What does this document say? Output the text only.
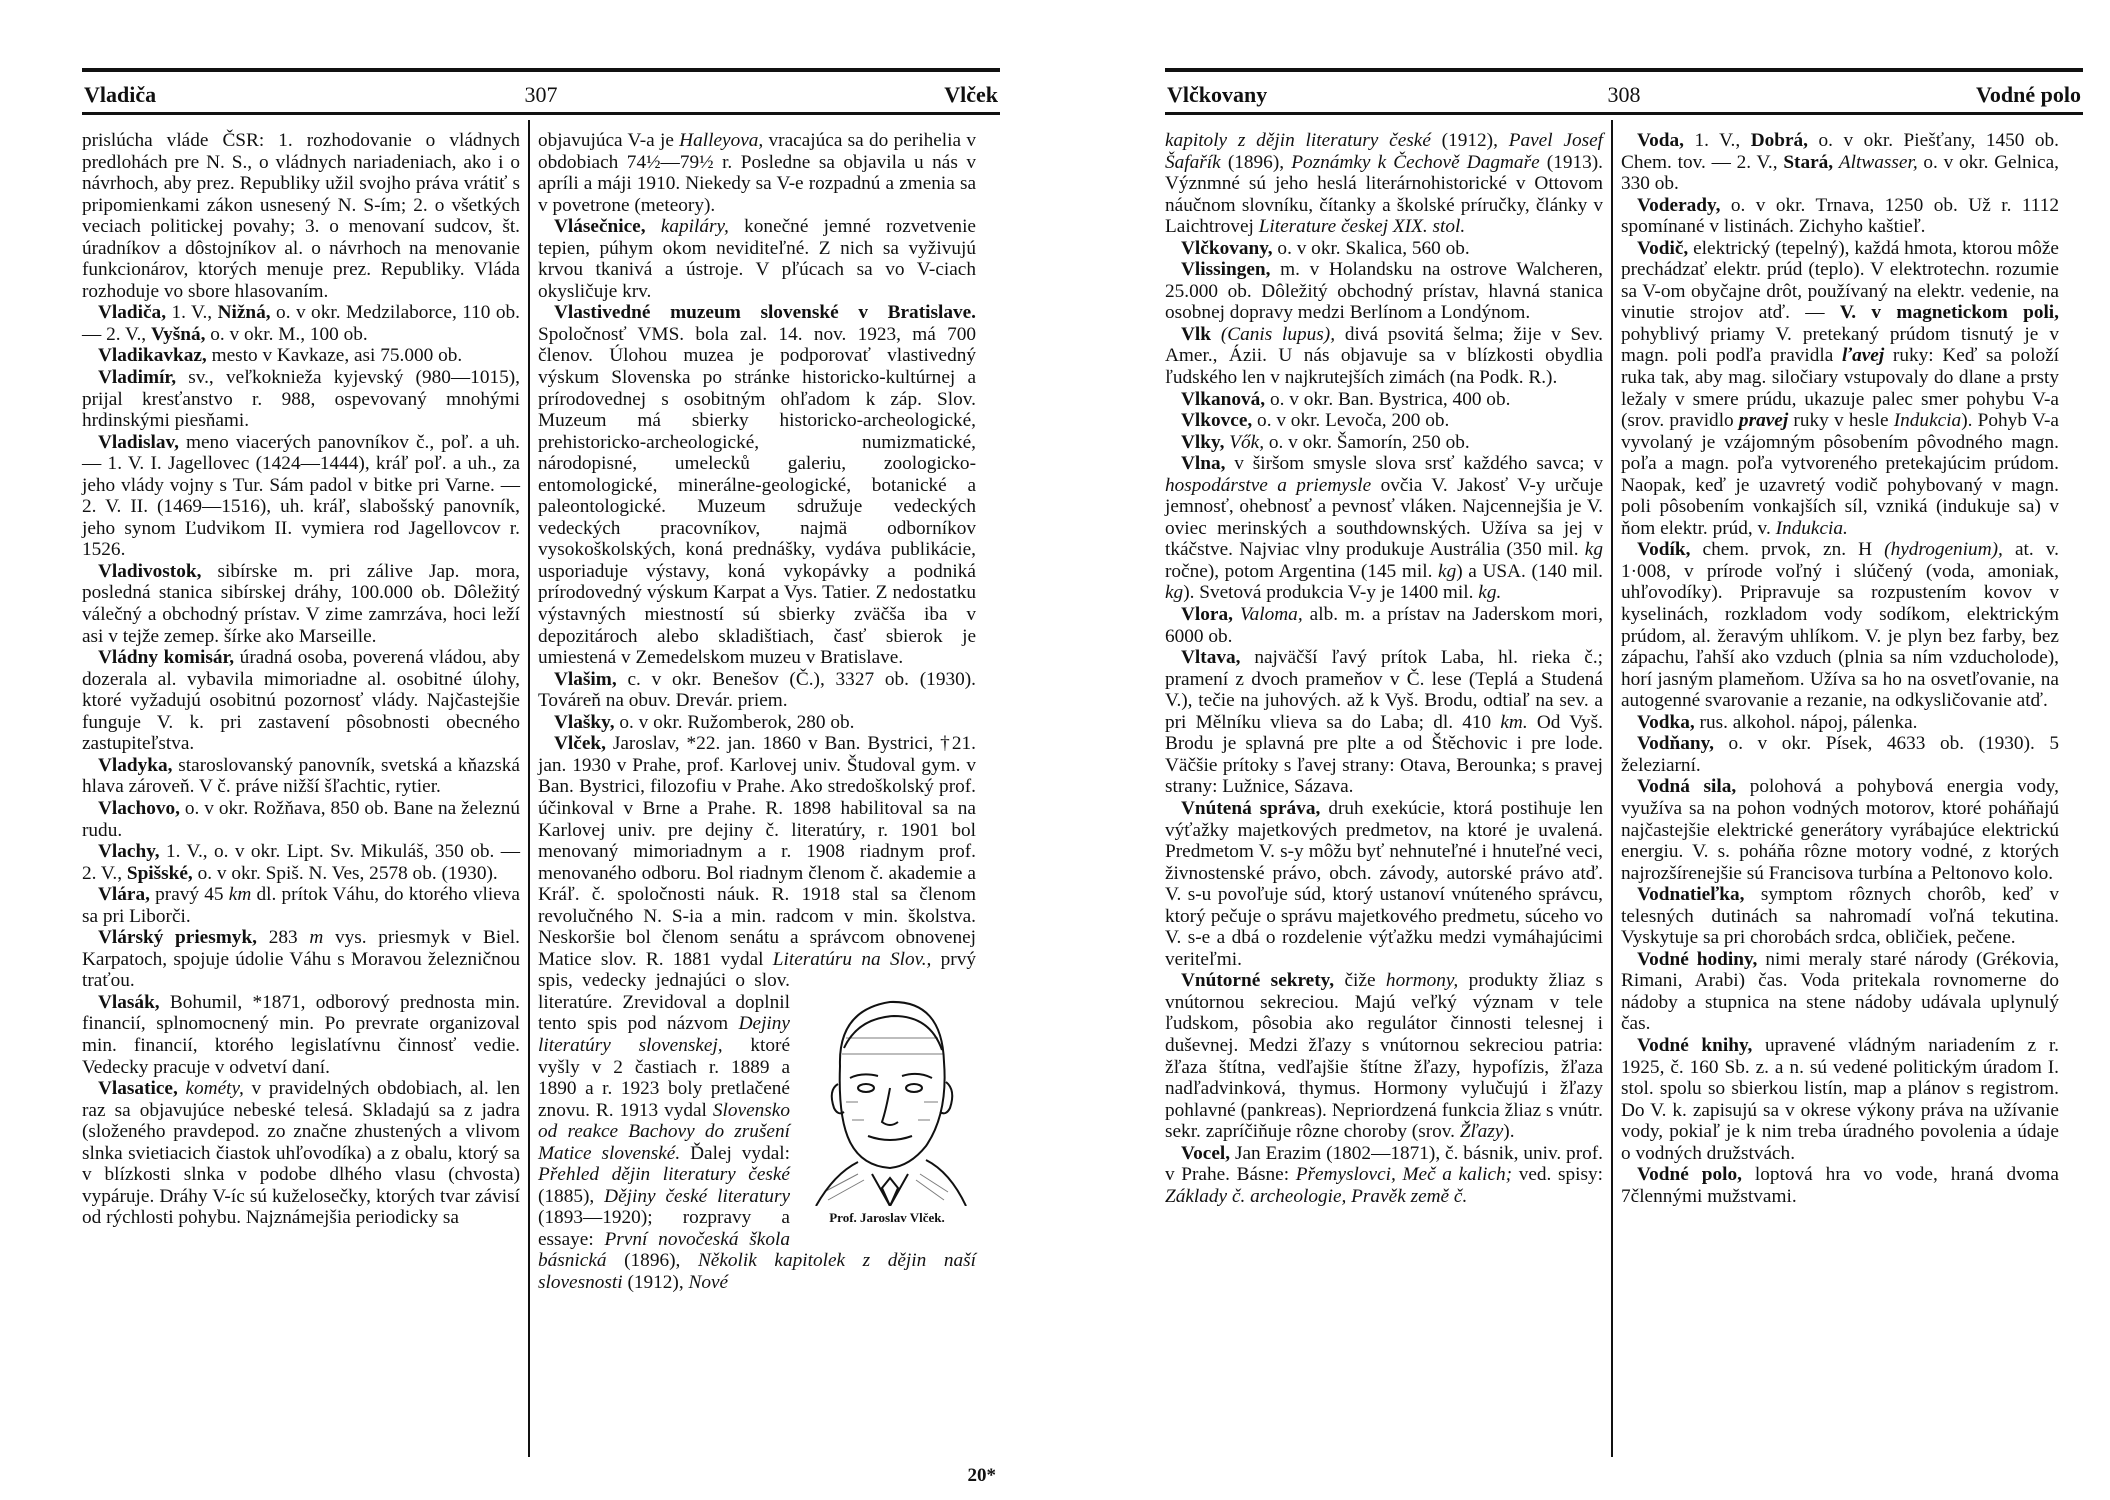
Vladiča	307	Vlček

prislúcha vláde ČSR: 1. rozhodovanie o vládnych predlohách pre N. S., o vládnych nariadeniach, ako i o návrhoch, aby prez. Republiky užil svojho práva vrátiť s pripomienkami zákon usnesený N. S-ím; 2. o všetkých veciach politickej povahy; 3. o menovaní sudcov, št. úradníkov a dôstojníkov al. o návrhoch na menovanie funkcionárov, ktorých menuje prez. Republiky. Vláda rozhoduje vo sbore hlasovaním.

Vladiča, 1. V., Nižná, o. v okr. Medzilaborce, 110 ob. — 2. V., Vyšná, o. v okr. M., 100 ob.

Vladikavkaz, mesto v Kavkaze, asi 75.000 ob.

Vladimír, sv., veľkoknieža kyjevský (980—1015), prijal kresťanstvo r. 988, ospevovaný mnohými hrdinskými piesňami.

Vladislav, meno viacerých panovníkov č., poľ. a uh. — 1. V. I. Jagellovec (1424—1444), kráľ poľ. a uh., za jeho vlády vojny s Tur. Sám padol v bitke pri Varne. — 2. V. II. (1469—1516), uh. kráľ, slabošský panovník, jeho synom Ľudvikom II. vymiera rod Jagellovcov r. 1526.

Vladivostok, sibírske m. pri zálive Jap. mora, posledná stanica sibírskej dráhy, 100.000 ob. Dôležitý válečný a obchodný prístav. V zime zamrzáva, hoci leží asi v tejže zemep. šírke ako Marseille.

Vládny komisár, úradná osoba, poverená vládou, aby dozerala al. vybavila mimoriadne al. osobitné úlohy, ktoré vyžadujú osobitnú pozornosť vlády. Najčastejšie funguje V. k. pri zastavení pôsobnosti obecného zastupiteľstva.

Vladyka, staroslovanský panovník, svetská a kňazská hlava zároveň. V č. práve nižší šľachtic, rytier.

Vlachovo, o. v okr. Rožňava, 850 ob. Bane na železnú rudu.

Vlachy, 1. V., o. v okr. Lipt. Sv. Mikuláš, 350 ob. — 2. V., Spišské, o. v okr. Spiš. N. Ves, 2578 ob. (1930).

Vlára, pravý 45 km dl. prítok Váhu, do ktorého vlieva sa pri Liborči.

Vlárský priesmyk, 283 m vys. priesmyk v Biel. Karpatoch, spojuje údolie Váhu s Moravou železničnou traťou.

Vlasák, Bohumil, *1871, odborový prednosta min. financií, splnomocnený min. Po prevrate organizoval min. financií, ktorého legislatívnu činnosť vedie. Vedecky pracuje v odvetví daní.

Vlasatice, kométy, v pravidelných obdobiach, al. len raz sa objavujúce nebeské telesá. Skladajú sa z jadra (složeného pravdepod. zo značne zhustených a vlivom slnka svietiacich čiastok uhľovodíka) a z obalu, ktorý sa v blízkosti slnka v podobe dlhého vlasu (chvosta) vypáruje. Dráhy V-íc sú kuželosečky, ktorých tvar závisí od rýchlosti pohybu. Najznámejšia periodicky sa

objavujúca V-a je Halleyova, vracajúca sa do perihelia v obdobiach 74½—79½ r. Posledne sa objavila u nás v apríli a máji 1910. Niekedy sa V-e rozpadnú a zmenia sa v povetrone (meteory).

Vlásečnice, kapiláry, konečné jemné rozvetvenie tepien, púhym okom neviditeľné. Z nich sa vyživujú krvou tkanivá a ústroje. V pľúcach sa vo V-ciach okysličuje krv.

Vlastivedné muzeum slovenské v Bratislave. Spoločnosť VMS. bola zal. 14. nov. 1923, má 700 členov. Úlohou muzea je podporovať vlastivedný výskum Slovenska po stránke historicko-kultúrnej a prírodovednej s osobitným ohľadom k záp. Slov. Muzeum má sbierky historicko-archeologické, prehistoricko-archeologické, numizmatické, národopisné, umelecků galeriu, zoologicko-entomologické, minerálne-geologické, botanické a paleontologické. Muzeum sdružuje vedeckých vedeckých pracovníkov, najmä odborníkov vysokoškolských, koná prednášky, vydáva publikácie, usporiaduje výstavy, koná vykopávky a podniká prírodovedný výskum Karpat a Vys. Tatier. Z nedostatku výstavných miestností sú sbierky zväčša iba v depozitároch alebo skladištiach, časť sbierok je umiestená v Zemedelskom muzeu v Bratislave.

Vlašim, c. v okr. Benešov (Č.), 3327 ob. (1930). Továreň na obuv. Drevár. priem.

Vlašky, o. v okr. Ružomberok, 280 ob.

Vlček, Jaroslav, *22. jan. 1860 v Ban. Bystrici, †21. jan. 1930 v Prahe, prof. Karlovej univ. Študoval gym. v Ban. Bystrici, filozofiu v Prahe. Ako stredoškolský prof. účinkoval v Brne a Prahe. R. 1898 habilitoval sa na Karlovej univ. pre dejiny č. literatúry, r. 1901 bol menovaný mimoriadnym a r. 1908 riadnym prof. menovaného odboru. Bol riadnym členom č. akademie a Kráľ. č. spoločnosti náuk. R. 1918 stal sa členom revolučného N. S-ia a min. radcom v min. školstva. Neskoršie bol členom senátu a správcom obnovenej Matice slov. R. 1881 vydal Literatúru na Slov., prvý
Prof. Jaroslav Vlček.
spis, vedecky jednajúci o slov. literatúre. Zrevidoval a doplnil tento spis pod názvom Dejiny literatúry slovenskej, ktoré vyšly v 2 častiach r. 1889 a 1890 a r. 1923 boly pretlačené znovu. R. 1913 vydal Slovensko od reakce Bachovy do zrušení Matice slovenské. Ďalej vydal: Přehled dějin literatury české (1885), Dějiny české literatury (1893—1920); rozpravy a essaye: První novočeská škola básnická (1896), Několik kapitolek z dějin naší slovesnosti (1912), Nové

20*
Vlčkovany	308	Vodné polo

kapitoly z dějin literatury české (1912), Pavel Josef Šafařík (1896), Poznámky k Čechově Dagmaře (1913). Význmné sú jeho heslá literárnohistorické v Ottovom náučnom slovníku, čítanky a školské príručky, články v Laichtrovej Literature českej XIX. stol.

Vlčkovany, o. v okr. Skalica, 560 ob.

Vlissingen, m. v Holandsku na ostrove Walcheren, 25.000 ob. Dôležitý obchodný prístav, hlavná stanica osobnej dopravy medzi Berlínom a Londýnom.

Vlk (Canis lupus), divá psovitá šelma; žije v Sev. Amer., Ázii. U nás objavuje sa v blízkosti obydlia ľudského len v najkrutejších zimách (na Podk. R.).

Vlkanová, o. v okr. Ban. Bystrica, 400 ob.

Vlkovce, o. v okr. Levoča, 200 ob.

Vlky, Vők, o. v okr. Šamorín, 250 ob.

Vlna, v širšom smysle slova srsť každého savca; v hospodárstve a priemysle ovčia V. Jakosť V-y určuje jemnosť, ohebnosť a pevnosť vláken. Najcennejšia je V. oviec merinských a southdownských. Užíva sa jej v tkáčstve. Najviac vlny produkuje Austrália (350 mil. kg ročne), potom Argentina (145 mil. kg) a USA. (140 mil. kg). Svetová produkcia V-y je 1400 mil. kg.

Vlora, Valoma, alb. m. a prístav na Jaderskom mori, 6000 ob.

Vltava, najväčší ľavý prítok Laba, hl. rieka č.; pramení z dvoch prameňov v Č. lese (Teplá a Studená V.), tečie na juhových. až k Vyš. Brodu, odtiaľ na sev. a pri Mělníku vlieva sa do Laba; dl. 410 km. Od Vyš. Brodu je splavná pre plte a od Štěchovic i pre lode. Väčšie prítoky s ľavej strany: Otava, Berounka; s pravej strany: Lužnice, Sázava.

Vnútená správa, druh exekúcie, ktorá postihuje len výťažky majetkových predmetov, na ktoré je uvalená. Predmetom V. s-y môžu byť nehnuteľné i hnuteľné veci, živnostenské právo, obch. závody, autorské právo atď. V. s-u povoľuje súd, ktorý ustanoví vnútenéhο správcu, ktorý pečuje o správu majetkového predmetu, súceho vo V. s-e a dbá o rozdelenie výťažku medzi vymáhajúcimi veriteľmi.

Vnútorné sekrety, čiže hormony, produkty žliaz s vnútornou sekreciou. Majú veľký význam v tele ľudskom, pôsobia ako regulátor činnosti telesnej i duševnej. Medzi žľazy s vnútornou sekreciou patria: žľaza štítna, vedľajšie štítne žľazy, hypofízis, žľaza nadľadvinková, thymus. Hormony vylučujú i žľazy pohlavné (pankreas). Nepriordzená funkcia žliaz s vnútr. sekr. zapríčiňuje rôzne choroby (srov. Žľazy).

Vocel, Jan Erazim (1802—1871), č. básnik, univ. prof. v Prahe. Básne: Přemyslovci, Meč a kalich; ved. spisy: Základy č. archeologie, Pravěk země č.

Voda, 1. V., Dobrá, o. v okr. Piešťany, 1450 ob. Chem. tov. — 2. V., Stará, Altwasser, o. v okr. Gelnica, 330 ob.

Voderady, o. v okr. Trnava, 1250 ob. Už r. 1112 spomínané v listinách. Zichyho kaštieľ.

Vodič, elektrický (tepelný), každá hmota, ktorou môže prechádzať elektr. prúd (teplo). V elektrotechn. rozumie sa V-om obyčajne drôt, používaný na elektr. vedenie, na vinutie strojov atď. — V. v magnetickom poli, pohyblivý priamy V. pretekaný prúdom tisnutý je v magn. poli podľa pravidla ľavej ruky: Keď sa položí ruka tak, aby mag. siločiary vstupovaly do dlane a prsty ležaly v smere prúdu, ukazuje palec smer pohybu V-a (srov. pravidlo pravej ruky v hesle Indukcia). Pohyb V-a vyvolaný je vzájomným pôsobením pôvodného magn. poľa a magn. poľa vytvoreného pretekajúcim prúdom. Naopak, keď je uzavretý vodič pohybovaný v magn. poli pôsobením vonkajších síl, vzniká (indukuje sa) v ňom elektr. prúd, v. Indukcia.

Vodík, chem. prvok, zn. H (hydrogenium), at. v. 1·008, v prírode voľný i slúčený (voda, amoniak, uhľovodíky). Pripravuje sa rozpustením kovov v kyselinách, rozkladom vody sodíkom, elektrickým prúdom, al. žeravým uhlíkom. V. je plyn bez farby, bez zápachu, ľahší ako vzduch (plnia sa ním vzducholode), horí jasným plameňom. Užíva sa ho na osvetľovanie, na autogenné svarovanie a rezanie, na odkysličovanie atď.

Vodka, rus. alkohol. nápoj, pálenka.

Vodňany, o. v okr. Písek, 4633 ob. (1930). 5 železiarní.

Vodná sila, polohová a pohybová energia vody, využíva sa na pohon vodných motorov, ktoré poháňajú najčastejšie elektrické generátory vyrábajúce elektrickú energiu. V. s. poháňa rôzne motory vodné, z ktorých najrozšírenejšie sú Francisova turbína a Peltonovo kolo.

Vodnatieľka, symptom rôznych chorôb, keď v telesných dutinách sa nahromadí voľná tekutina. Vyskytuje sa pri chorobách srdca, obličiek, pečene.

Vodné hodiny, nimi meraly staré národy (Grékovia, Rimani, Arabi) čas. Voda pritekala rovnomerne do nádoby a stupnica na stene nádoby udávala uplynulý čas.

Vodné knihy, upravené vládným nariadením z r. 1925, č. 160 Sb. z. a n. sú vedené politickým úradom I. stol. spolu so sbierkou listín, map a plánov s registrom. Do V. k. zapisujú sa v okrese výkony práva na užívanie vody, pokiaľ je k nim treba úradného povolenia a údaje o vodných družstvách.

Vodné polo, loptová hra vo vode, hraná dvoma 7člennými mužstvami.
